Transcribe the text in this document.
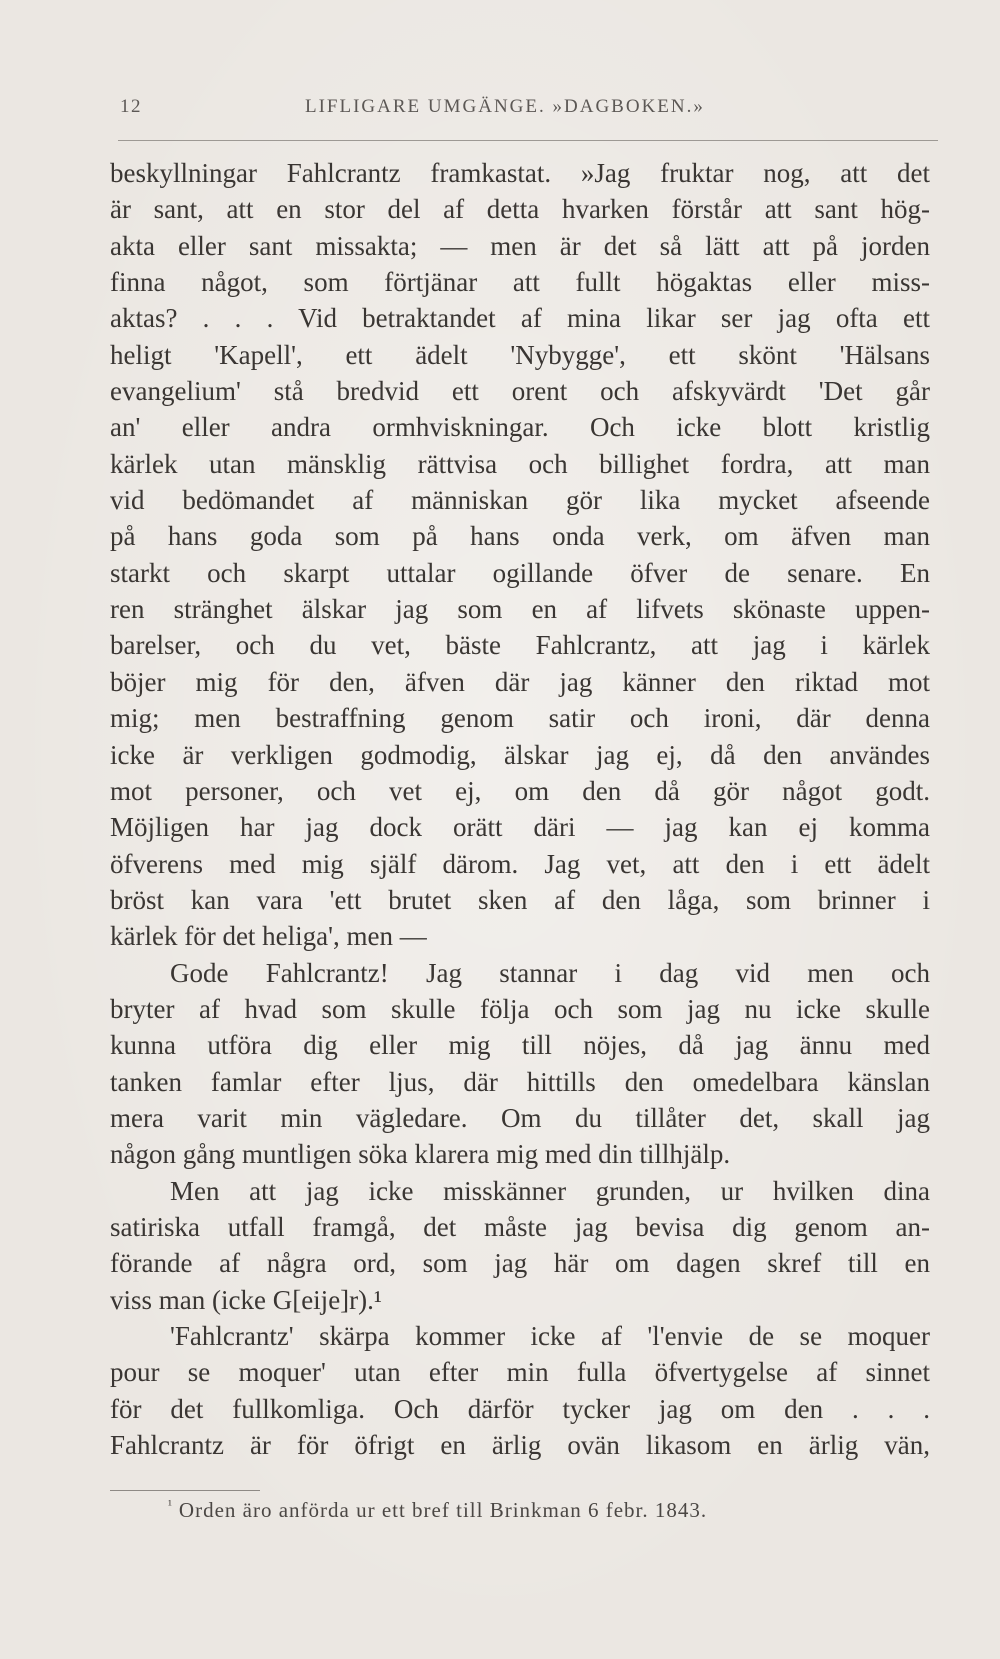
12	LIFLIGARE UMGÄNGE. »DAGBOKEN.»
beskyllningar Fahlcrantz framkastat. »Jag fruktar nog, att det
är sant, att en stor del af detta hvarken förstår att sant hög-
akta eller sant missakta; — men är det så lätt att på jorden
finna något, som förtjänar att fullt högaktas eller miss-
aktas? . . . Vid betraktandet af mina likar ser jag ofta ett
heligt 'Kapell', ett ädelt 'Nybygge', ett skönt 'Hälsans
evangelium' stå bredvid ett orent och afskyvärdt 'Det går
an' eller andra ormhviskningar. Och icke blott kristlig
kärlek utan mänsklig rättvisa och billighet fordra, att man
vid bedömandet af människan gör lika mycket afseende
på hans goda som på hans onda verk, om äfven man
starkt och skarpt uttalar ogillande öfver de senare. En
ren stränghet älskar jag som en af lifvets skönaste uppen-
barelser, och du vet, bäste Fahlcrantz, att jag i kärlek
böjer mig för den, äfven där jag känner den riktad mot
mig; men bestraffning genom satir och ironi, där denna
icke är verkligen godmodig, älskar jag ej, då den användes
mot personer, och vet ej, om den då gör något godt.
Möjligen har jag dock orätt däri — jag kan ej komma
öfverens med mig själf därom. Jag vet, att den i ett ädelt
bröst kan vara 'ett brutet sken af den låga, som brinner i
kärlek för det heliga', men —
Gode Fahlcrantz! Jag stannar i dag vid men och
bryter af hvad som skulle följa och som jag nu icke skulle
kunna utföra dig eller mig till nöjes, då jag ännu med
tanken famlar efter ljus, där hittills den omedelbara känslan
mera varit min vägledare. Om du tillåter det, skall jag
någon gång muntligen söka klarera mig med din tillhjälp.
Men att jag icke misskänner grunden, ur hvilken dina
satiriska utfall framgå, det måste jag bevisa dig genom an-
förande af några ord, som jag här om dagen skref till en
viss man (icke G[eije]r).¹
'Fahlcrantz' skärpa kommer icke af 'l'envie de se moquer
pour se moquer' utan efter min fulla öfvertygelse af sinnet
för det fullkomliga. Och därför tycker jag om den . . .
Fahlcrantz är för öfrigt en ärlig ovän likasom en ärlig vän,
$^{^1}$ Orden äro anförda ur ett bref till Brinkman 6 febr. 1843.
